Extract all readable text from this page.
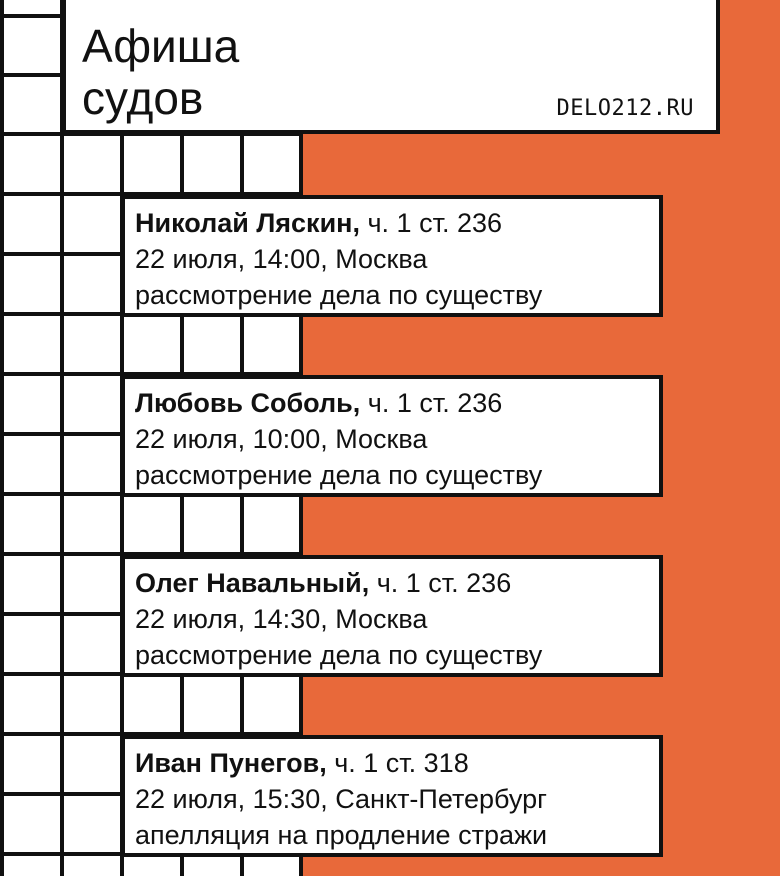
Афиша
судов	DELO212.RU
Николай Ляскин, ч. 1 ст. 236
22 июля, 14:00, Москва
рассмотрение дела по существу
Любовь Соболь, ч. 1 ст. 236
22 июля, 10:00, Москва
рассмотрение дела по существу
Олег Навальный, ч. 1 ст. 236
22 июля, 14:30, Москва
рассмотрение дела по существу
Иван Пунегов, ч. 1 ст. 318
22 июля, 15:30, Санкт-Петербург
апелляция на продление стражи
